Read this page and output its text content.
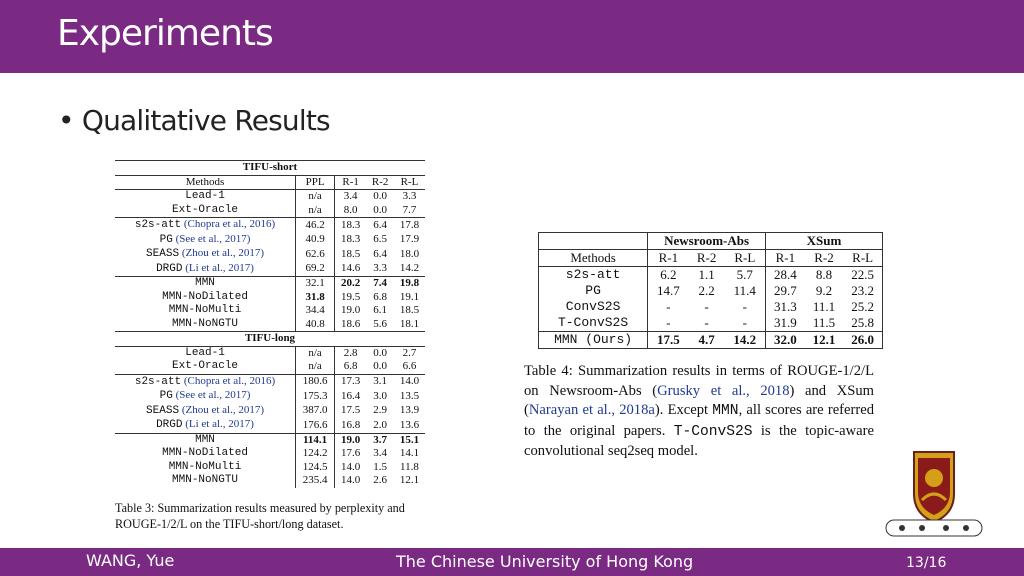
Experiments
• Qualitative Results
TIFU-short				
Methods	PPL	R-1	R-2	R-L
Lead-1	n/a	3.4	0.0	3.3
Ext-Oracle	n/a	8.0	0.0	7.7
s2s-att (Chopra et al., 2016)	46.2	18.3	6.4	17.8
PG (See et al., 2017)	40.9	18.3	6.5	17.9
SEASS (Zhou et al., 2017)	62.6	18.5	6.4	18.0
DRGD (Li et al., 2017)	69.2	14.6	3.3	14.2
MMN	32.1	20.2	7.4	19.8
MMN-NoDilated	31.8	19.5	6.8	19.1
MMN-NoMulti	34.4	19.0	6.1	18.5
MMN-NoNGTU	40.8	18.6	5.6	18.1
TIFU-long				
Lead-1	n/a	2.8	0.0	2.7
Ext-Oracle	n/a	6.8	0.0	6.6
s2s-att (Chopra et al., 2016)	180.6	17.3	3.1	14.0
PG (See et al., 2017)	175.3	16.4	3.0	13.5
SEASS (Zhou et al., 2017)	387.0	17.5	2.9	13.9
DRGD (Li et al., 2017)	176.6	16.8	2.0	13.6
MMN	114.1	19.0	3.7	15.1
MMN-NoDilated	124.2	17.6	3.4	14.1
MMN-NoMulti	124.5	14.0	1.5	11.8
MMN-NoNGTU	235.4	14.0	2.6	12.1
Table 3: Summarization results measured by perplexity and ROUGE-1/2/L on the TIFU-short/long dataset.
	Newsroom-Abs			XSum		
Methods	R-1	R-2	R-L	R-1	R-2	R-L
s2s-att	6.2	1.1	5.7	28.4	8.8	22.5
PG	14.7	2.2	11.4	29.7	9.2	23.2
ConvS2S	-	-	-	31.3	11.1	25.2
T-ConvS2S	-	-	-	31.9	11.5	25.8
MMN (Ours)	17.5	4.7	14.2	32.0	12.1	26.0
Table 4: Summarization results in terms of ROUGE-1/2/L on Newsroom-Abs (Grusky et al., 2018) and XSum (Narayan et al., 2018a). Except MMN, all scores are referred to the original papers. T-ConvS2S is the topic-aware convolutional seq2seq model.
WANG, Yue	The Chinese University of Hong Kong	13/16
